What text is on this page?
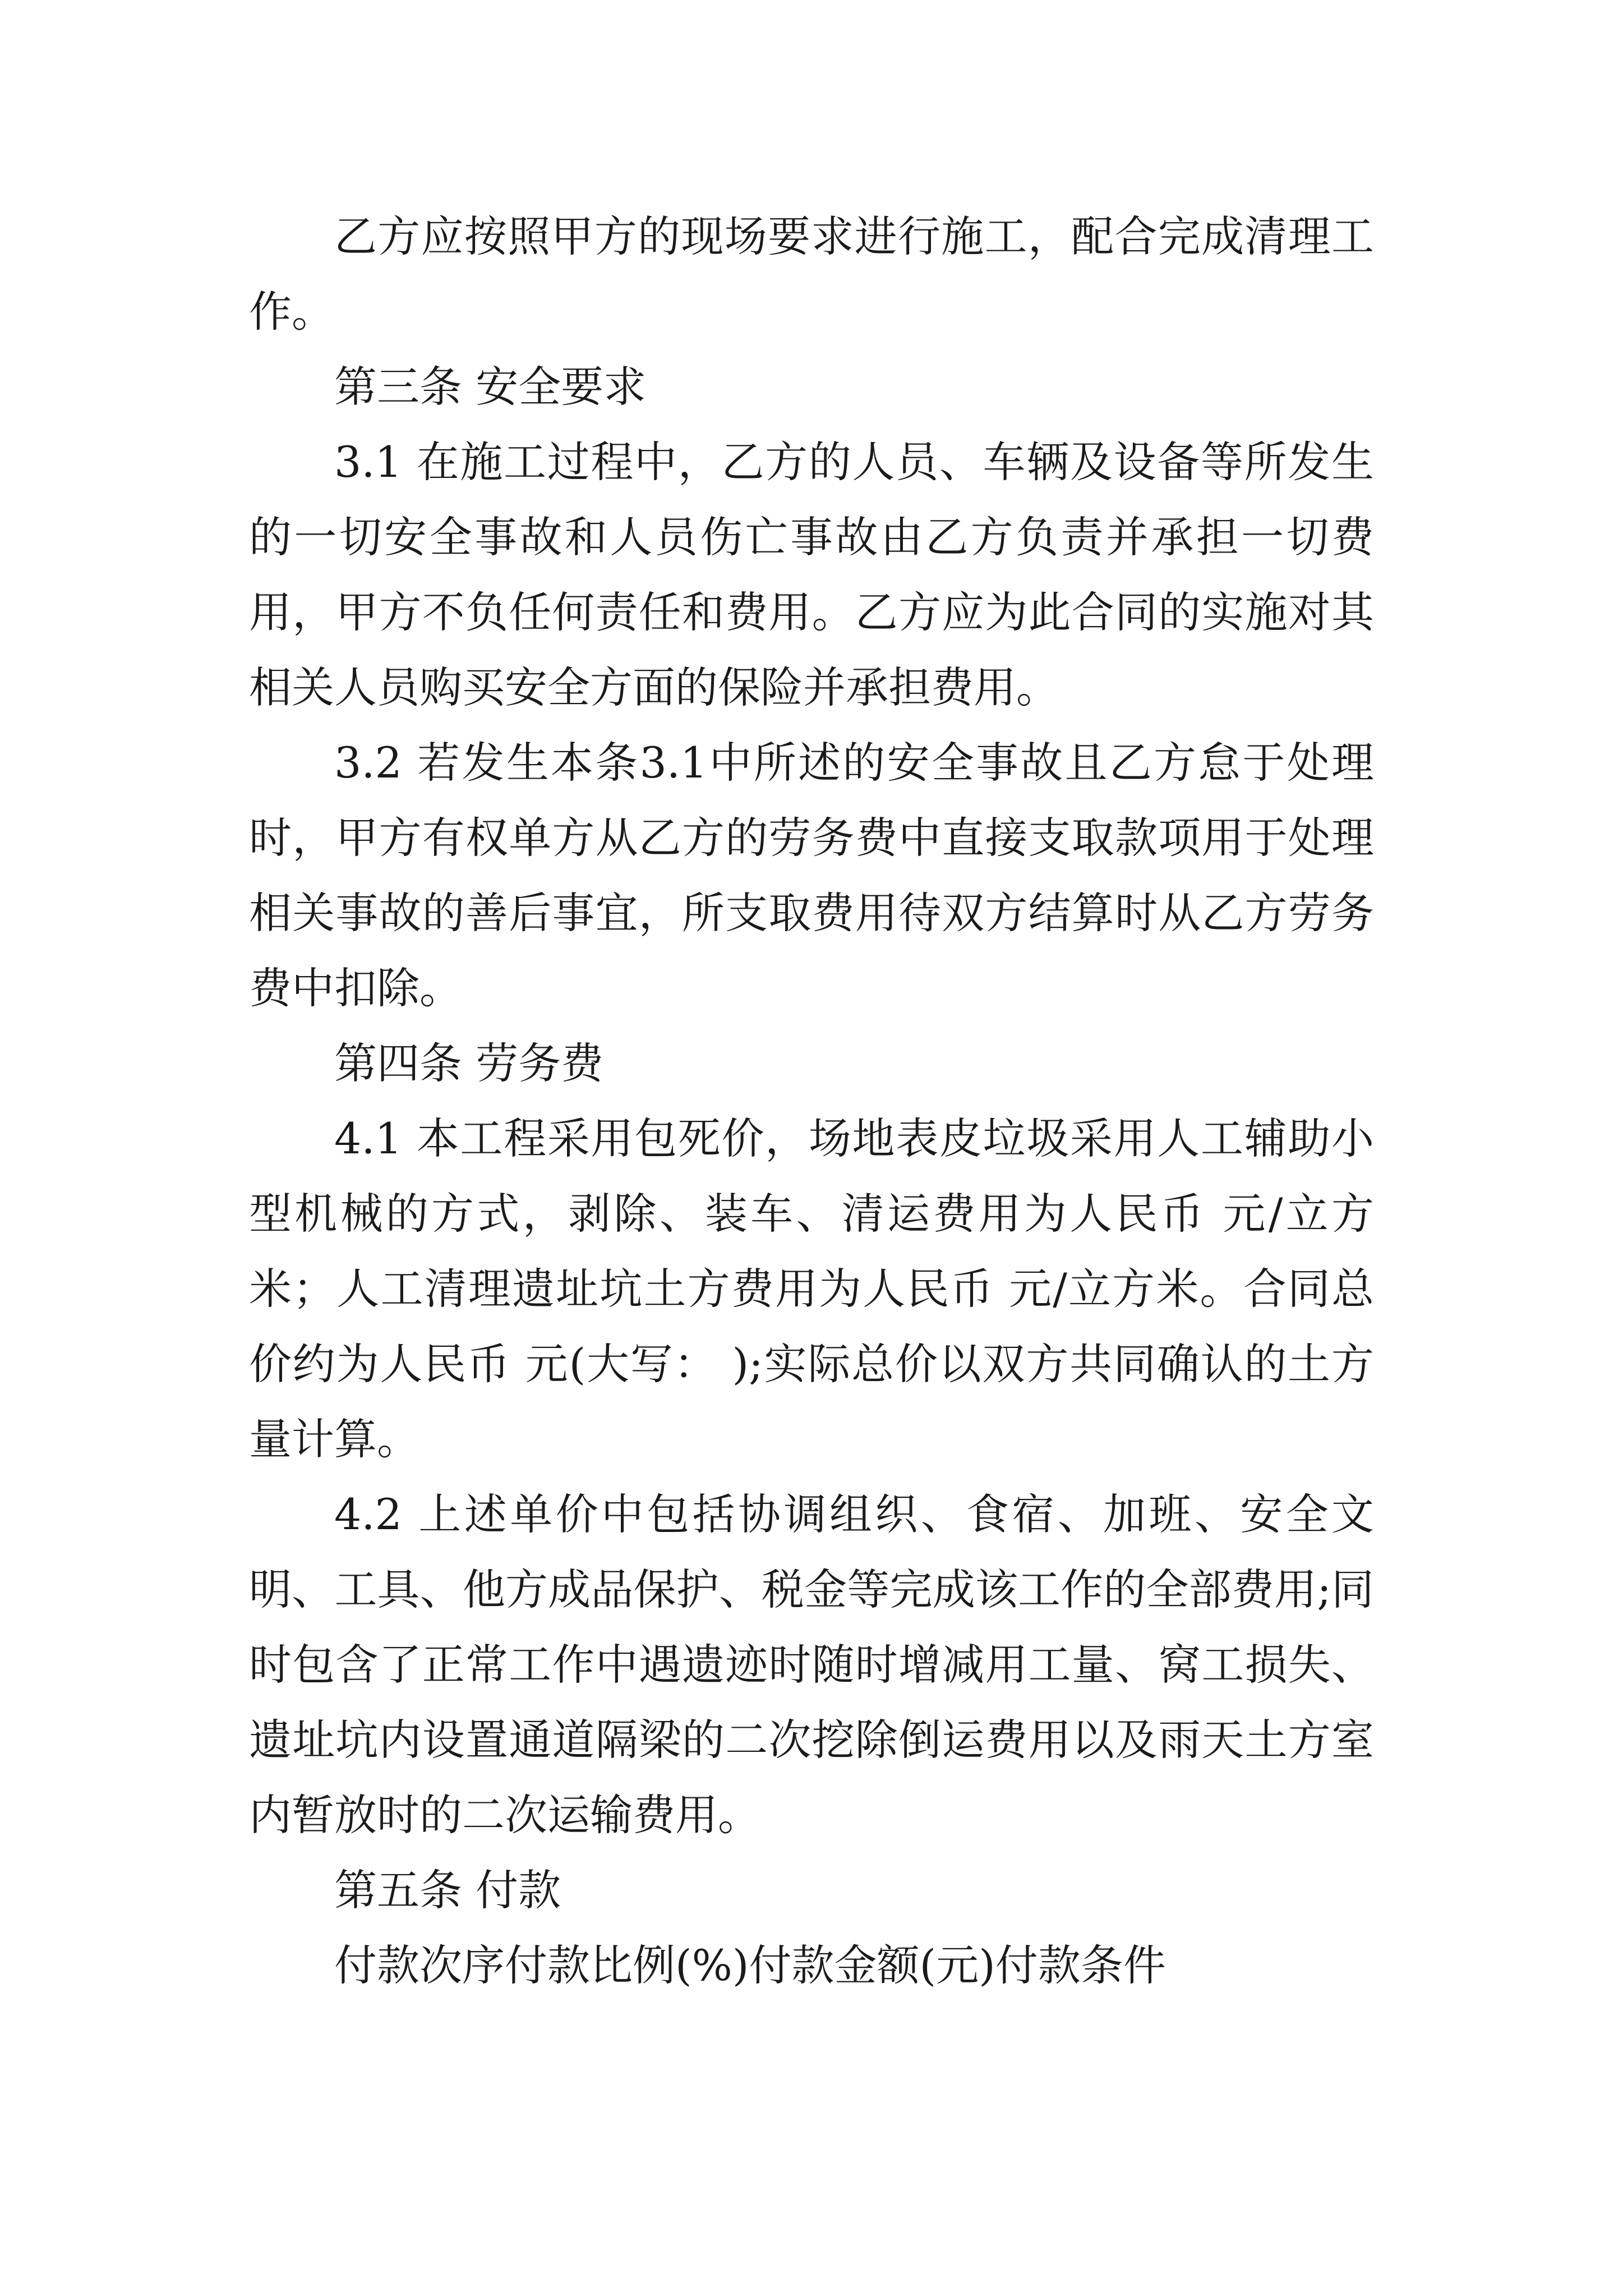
乙方应按照甲方的现场要求进行施工，配合完成清理工作。

第三条 安全要求

3.1 在施工过程中，乙方的人员、车辆及设备等所发生的一切安全事故和人员伤亡事故由乙方负责并承担一切费用，甲方不负任何责任和费用。乙方应为此合同的实施对其相关人员购买安全方面的保险并承担费用。

3.2 若发生本条3.1中所述的安全事故且乙方怠于处理时，甲方有权单方从乙方的劳务费中直接支取款项用于处理相关事故的善后事宜，所支取费用待双方结算时从乙方劳务费中扣除。

第四条 劳务费

4.1 本工程采用包死价，场地表皮垃圾采用人工辅助小型机械的方式，剥除、装车、清运费用为人民币 元/立方米；人工清理遗址坑土方费用为人民币 元/立方米。合同总价约为人民币 元(大写： );实际总价以双方共同确认的土方量计算。

4.2 上述单价中包括协调组织、食宿、加班、安全文明、工具、他方成品保护、税金等完成该工作的全部费用;同时包含了正常工作中遇遗迹时随时增减用工量、窝工损失、遗址坑内设置通道隔梁的二次挖除倒运费用以及雨天土方室内暂放时的二次运输费用。

第五条 付款

付款次序付款比例(%)付款金额(元)付款条件
